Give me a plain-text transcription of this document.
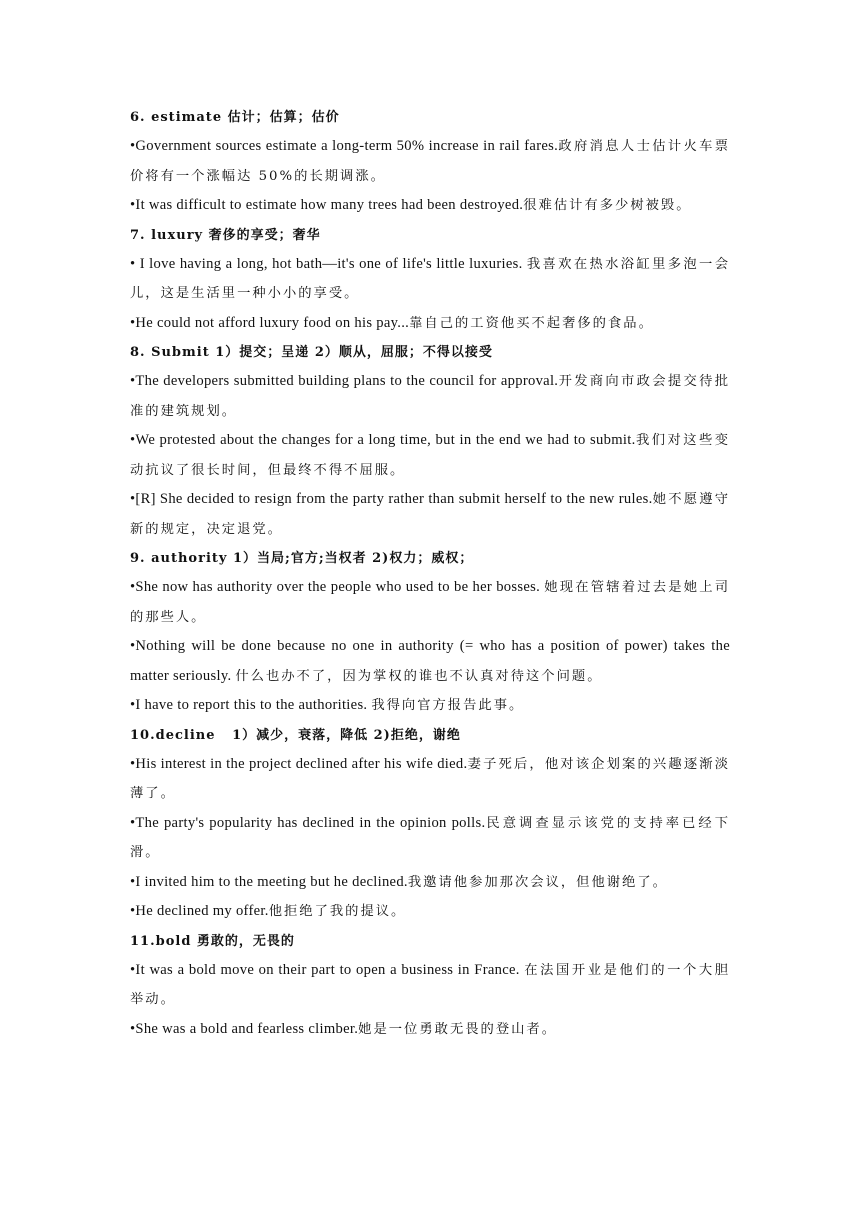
6. estimate 估计；估算；估价

•Government sources estimate a long-term 50% increase in rail fares.政府消息人士估计火车票价将有一个涨幅达 50%的长期调涨。

•It was difficult to estimate how many trees had been destroyed.很难估计有多少树被毁。

7. luxury 奢侈的享受；奢华

• I love having a long, hot bath—it's one of life's little luxuries. 我喜欢在热水浴缸里多泡一会儿，这是生活里一种小小的享受。

•He could not afford luxury food on his pay...靠自己的工资他买不起奢侈的食品。

8. Submit 1）提交；呈递 2）顺从，屈服；不得以接受

•The developers submitted building plans to the council for approval.开发商向市政会提交待批准的建筑规划。

•We protested about the changes for a long time, but in the end we had to submit.我们对这些变动抗议了很长时间，但最终不得不屈服。

•[R] She decided to resign from the party rather than submit herself to the new rules.她不愿遵守新的规定，决定退党。

9. authority 1）当局;官方;当权者 2)权力；威权；

•She now has authority over the people who used to be her bosses. 她现在管辖着过去是她上司的那些人。

•Nothing will be done because no one in authority (= who has a position of power) takes the matter seriously. 什么也办不了，因为掌权的谁也不认真对待这个问题。

•I have to report this to the authorities. 我得向官方报告此事。

10.decline   1）减少，衰落，降低 2)拒绝，谢绝

•His interest in the project declined after his wife died.妻子死后，他对该企划案的兴趣逐渐淡薄了。

•The party's popularity has declined in the opinion polls.民意调查显示该党的支持率已经下滑。

•I invited him to the meeting but he declined.我邀请他参加那次会议，但他谢绝了。

•He declined my offer.他拒绝了我的提议。

11.bold 勇敢的，无畏的

•It was a bold move on their part to open a business in France. 在法国开业是他们的一个大胆举动。

•She was a bold and fearless climber.她是一位勇敢无畏的登山者。
